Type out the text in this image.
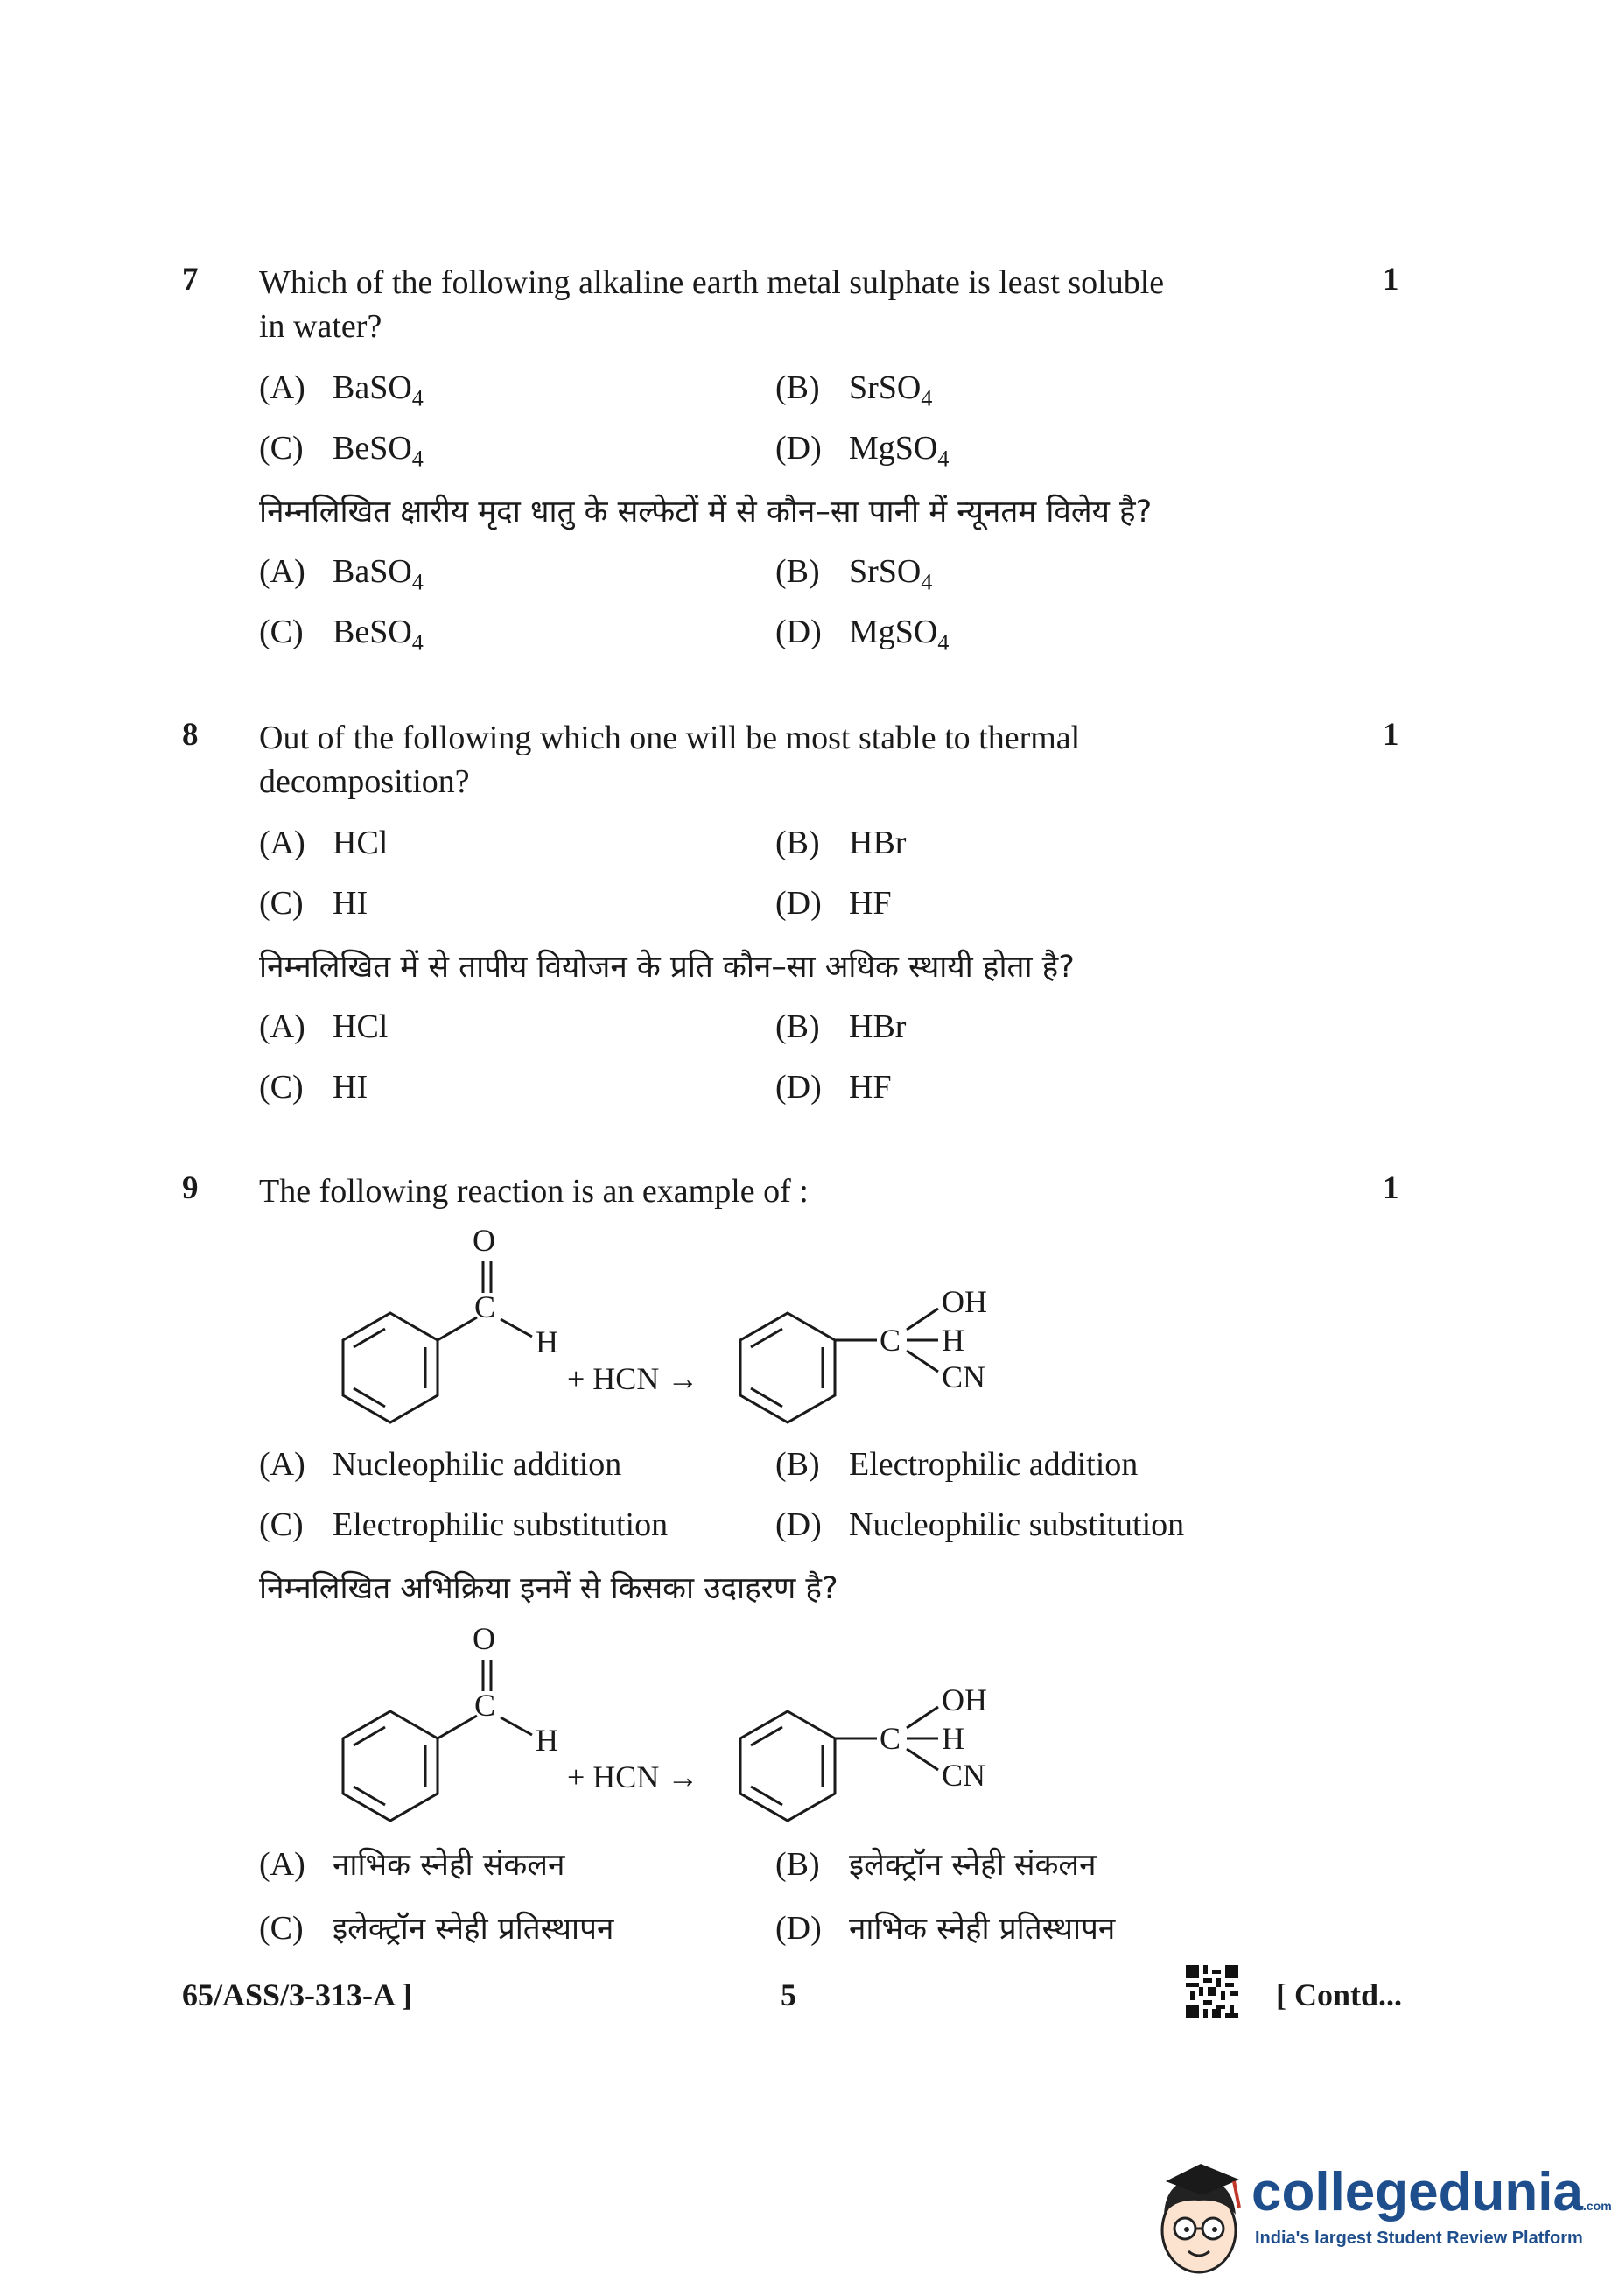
7 Which of the following alkaline earth metal sulphate is least soluble
in water?
1
(A) BaSO$_4$	(B) SrSO$_4$
(C) BeSO$_4$	(D) MgSO$_4$
निम्नलिखित क्षारीय मृदा धातु के सल्फेटों में से कौन–सा पानी में न्यूनतम विलेय है?
(A) BaSO$_4$	(B) SrSO$_4$
(C) BeSO$_4$	(D) MgSO$_4$
8 Out of the following which one will be most stable to thermal
decomposition?
1
(A) HCl	(B) HBr
(C) HI	(D) HF
निम्नलिखित में से तापीय वियोजन के प्रति कौन–सा अधिक स्थायी होता है?
(A) HCl	(B) HBr
(C) HI	(D) HF
9 The following reaction is an example of :	1
O
C
H
+ HCN →
C
OH
H
CN
(A) Nucleophilic addition	(B) Electrophilic addition
(C) Electrophilic substitution	(D) Nucleophilic substitution
निम्नलिखित अभिक्रिया इनमें से किसका उदाहरण है?
O
C
H
+ HCN →
C
OH
H
CN
(A) नाभिक स्नेही संकलन	(B) इलेक्ट्रॉन स्नेही संकलन
(C) इलेक्ट्रॉन स्नेही प्रतिस्थापन	(D) नाभिक स्नेही प्रतिस्थापन
65/ASS/3-313-A ]	5	[ Contd...
collegedunia.com
India's largest Student Review Platform
